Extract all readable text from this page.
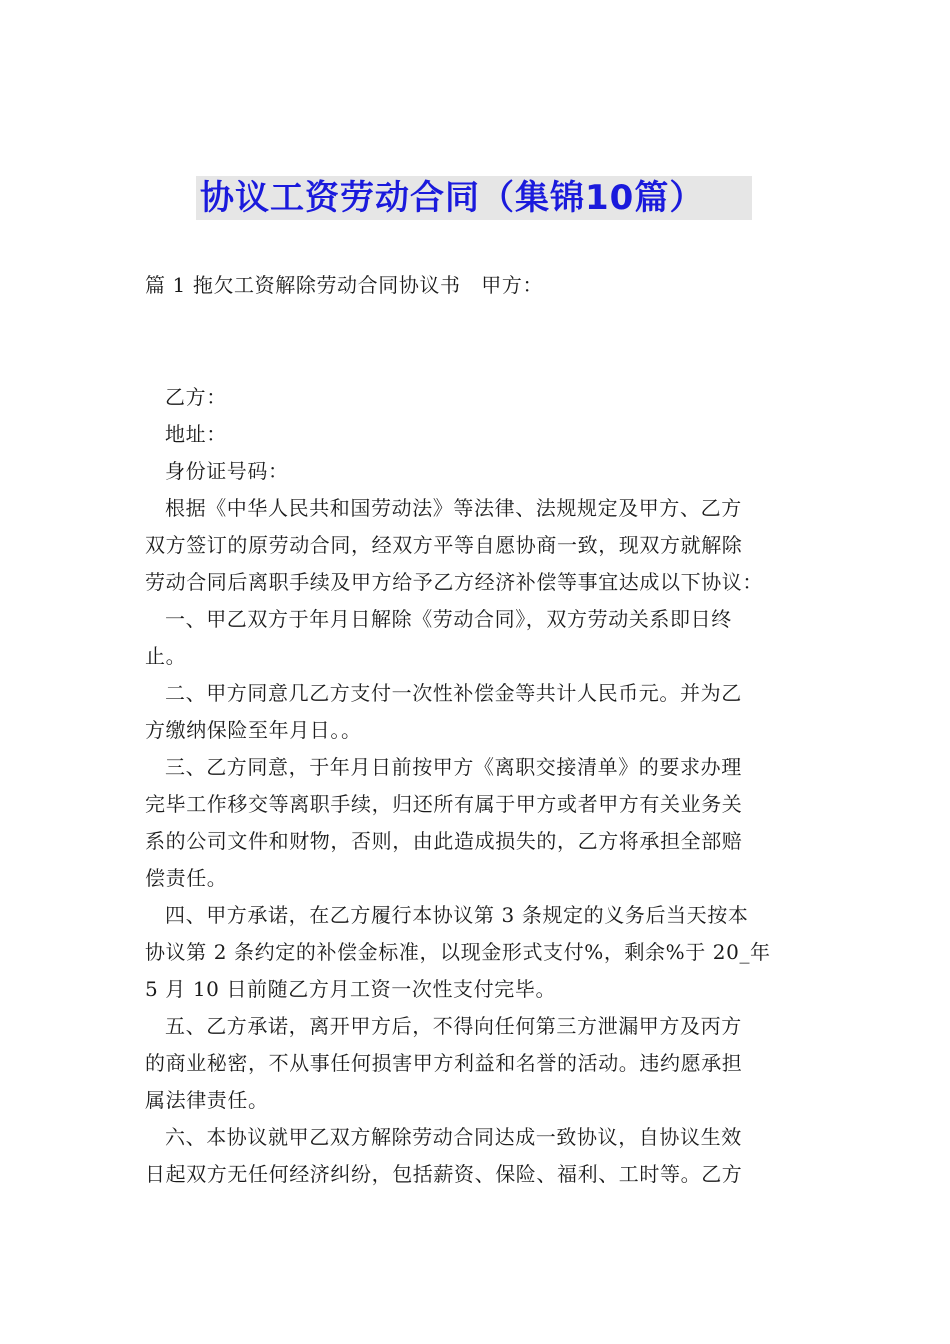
协议工资劳动合同（集锦10篇）
篇 1 拖欠工资解除劳动合同协议书　甲方：
乙方：
地址：
身份证号码：
根据《中华人民共和国劳动法》等法律、法规规定及甲方、乙方
双方签订的原劳动合同，经双方平等自愿协商一致，现双方就解除
劳动合同后离职手续及甲方给予乙方经济补偿等事宜达成以下协议：
一、甲乙双方于年月日解除《劳动合同》，双方劳动关系即日终
止。
二、甲方同意几乙方支付一次性补偿金等共计人民币元。并为乙
方缴纳保险至年月日。。
三、乙方同意，于年月日前按甲方《离职交接清单》的要求办理
完毕工作移交等离职手续，归还所有属于甲方或者甲方有关业务关
系的公司文件和财物，否则，由此造成损失的，乙方将承担全部赔
偿责任。
四、甲方承诺，在乙方履行本协议第 3 条规定的义务后当天按本
协议第 2 条约定的补偿金标准，以现金形式支付%，剩余%于 20_年
5 月 10 日前随乙方月工资一次性支付完毕。
五、乙方承诺，离开甲方后，不得向任何第三方泄漏甲方及丙方
的商业秘密，不从事任何损害甲方利益和名誉的活动。违约愿承担
属法律责任。
六、本协议就甲乙双方解除劳动合同达成一致协议，自协议生效
日起双方无任何经济纠纷，包括薪资、保险、福利、工时等。乙方
